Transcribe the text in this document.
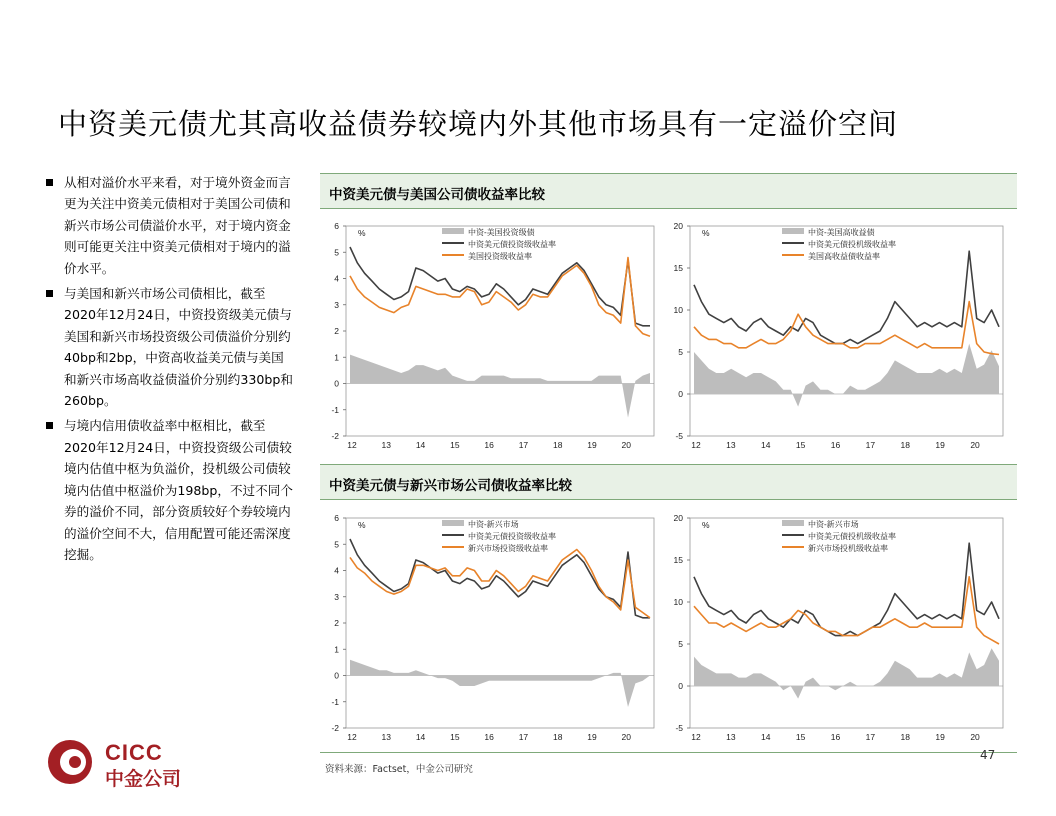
中资美元债尤其高收益债券较境内外其他市场具有一定溢价空间
从相对溢价水平来看，对于境外资金而言更为关注中资美元债相对于美国公司债和新兴市场公司债溢价水平，对于境内资金则可能更关注中资美元债相对于境内的溢价水平。
与美国和新兴市场公司债相比，截至2020年12月24日，中资投资级美元债与美国和新兴市场投资级公司债溢价分别约40bp和2bp，中资高收益美元债与美国和新兴市场高收益债溢价分别约330bp和260bp。
与境内信用债收益率中枢相比，截至2020年12月24日，中资投资级公司债较境内估值中枢为负溢价，投机级公司债较境内估值中枢溢价为198bp，不过不同个券的溢价不同，部分资质较好个券较境内的溢价空间不大，信用配置可能还需深度挖掘。
中资美元债与美国公司债收益率比较
中资美元债与新兴市场公司债收益率比较
6
5
4
3
2
1
0
-1
-2
%
12	13	14	15	16	17	18	19	20
中资-美国投资级债
中资美元债投资级收益率
美国投资级收益率
20
15
10
5
0
-5
%
12	13	14	15	16	17	18	19	20
中资-美国高收益债
中资美元债投机级收益率
美国高收益债收益率
6
5
4
3
2
1
0
-1
-2
%
12	13	14	15	16	17	18	19	20
中资-新兴市场
中资美元债投资级收益率
新兴市场投资级收益率
20
15
10
5
0
-5
%
12	13	14	15	16	17	18	19	20
中资-新兴市场
中资美元债投机级收益率
新兴市场投机级收益率
资料来源：Factset，中金公司研究
47
CICC
中金公司
